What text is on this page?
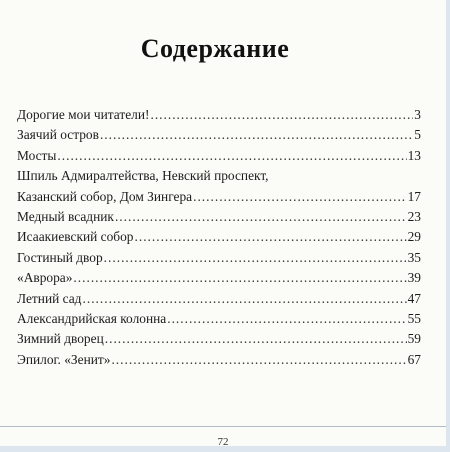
Содержание
Дорогие мои читатели! .....	3
Заячий остров .....	5
Мосты .....	13
Шпиль Адмиралтейства, Невский проспект,
Казанский собор, Дом Зингера .....	17
Медный всадник .....	23
Исаакиевский собор .....	29
Гостиный двор .....	35
«Аврора» .....	39
Летний сад .....	47
Александрийская колонна .....	55
Зимний дворец .....	59
Эпилог. «Зенит» .....	67
72
